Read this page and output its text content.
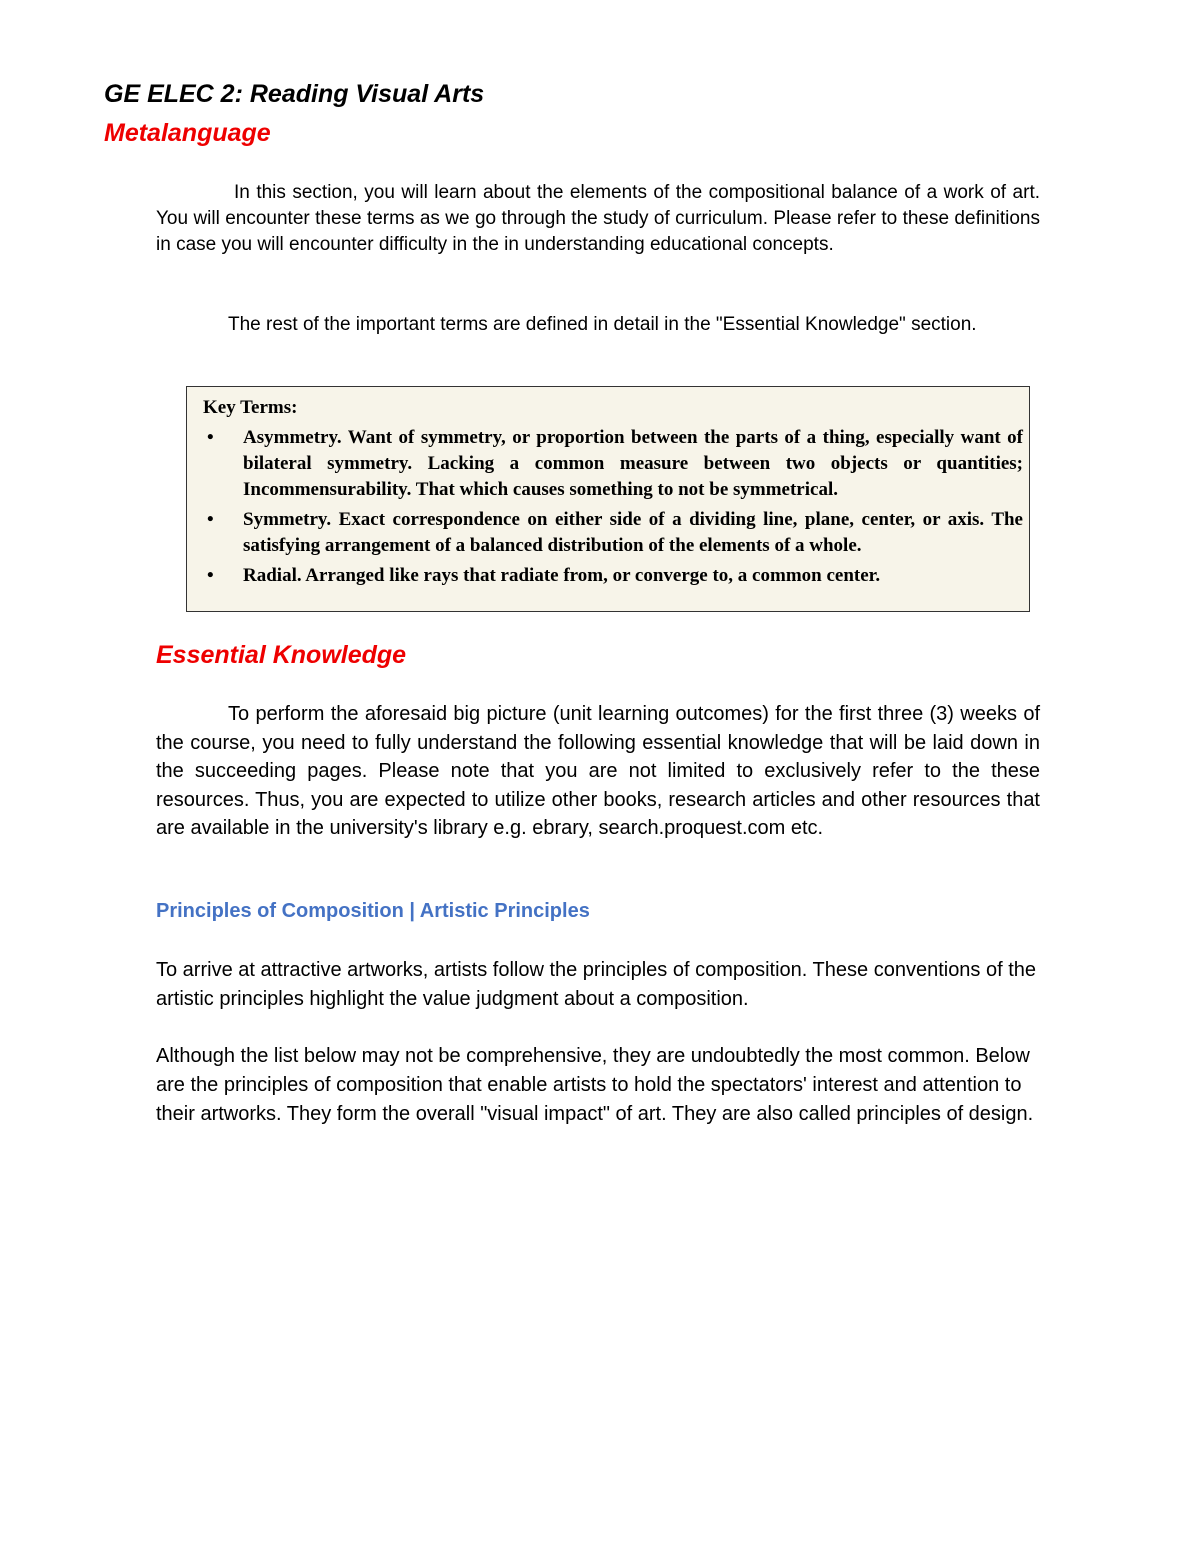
GE ELEC 2: Reading Visual Arts
Metalanguage

In this section, you will learn about the elements of the compositional balance of a work of art. You will encounter these terms as we go through the study of curriculum. Please refer to these definitions in case you will encounter difficulty in the in understanding educational concepts.

The rest of the important terms are defined in detail in the "Essential Knowledge" section.

Key Terms:

• Asymmetry. Want of symmetry, or proportion between the parts of a thing, especially want of bilateral symmetry. Lacking a common measure between two objects or quantities; Incommensurability. That which causes something to not be symmetrical.
• Symmetry. Exact correspondence on either side of a dividing line, plane, center, or axis. The satisfying arrangement of a balanced distribution of the elements of a whole.
• Radial. Arranged like rays that radiate from, or converge to, a common center.
Essential Knowledge

To perform the aforesaid big picture (unit learning outcomes) for the first three (3) weeks of the course, you need to fully understand the following essential knowledge that will be laid down in the succeeding pages. Please note that you are not limited to exclusively refer to the these resources. Thus, you are expected to utilize other books, research articles and other resources that are available in the university's library e.g. ebrary, search.proquest.com etc.

Principles of Composition | Artistic Principles

To arrive at attractive artworks, artists follow the principles of composition. These conventions of the artistic principles highlight the value judgment about a composition.

Although the list below may not be comprehensive, they are undoubtedly the most common. Below are the principles of composition that enable artists to hold the spectators' interest and attention to their artworks. They form the overall "visual impact" of art. They are also called principles of design.
